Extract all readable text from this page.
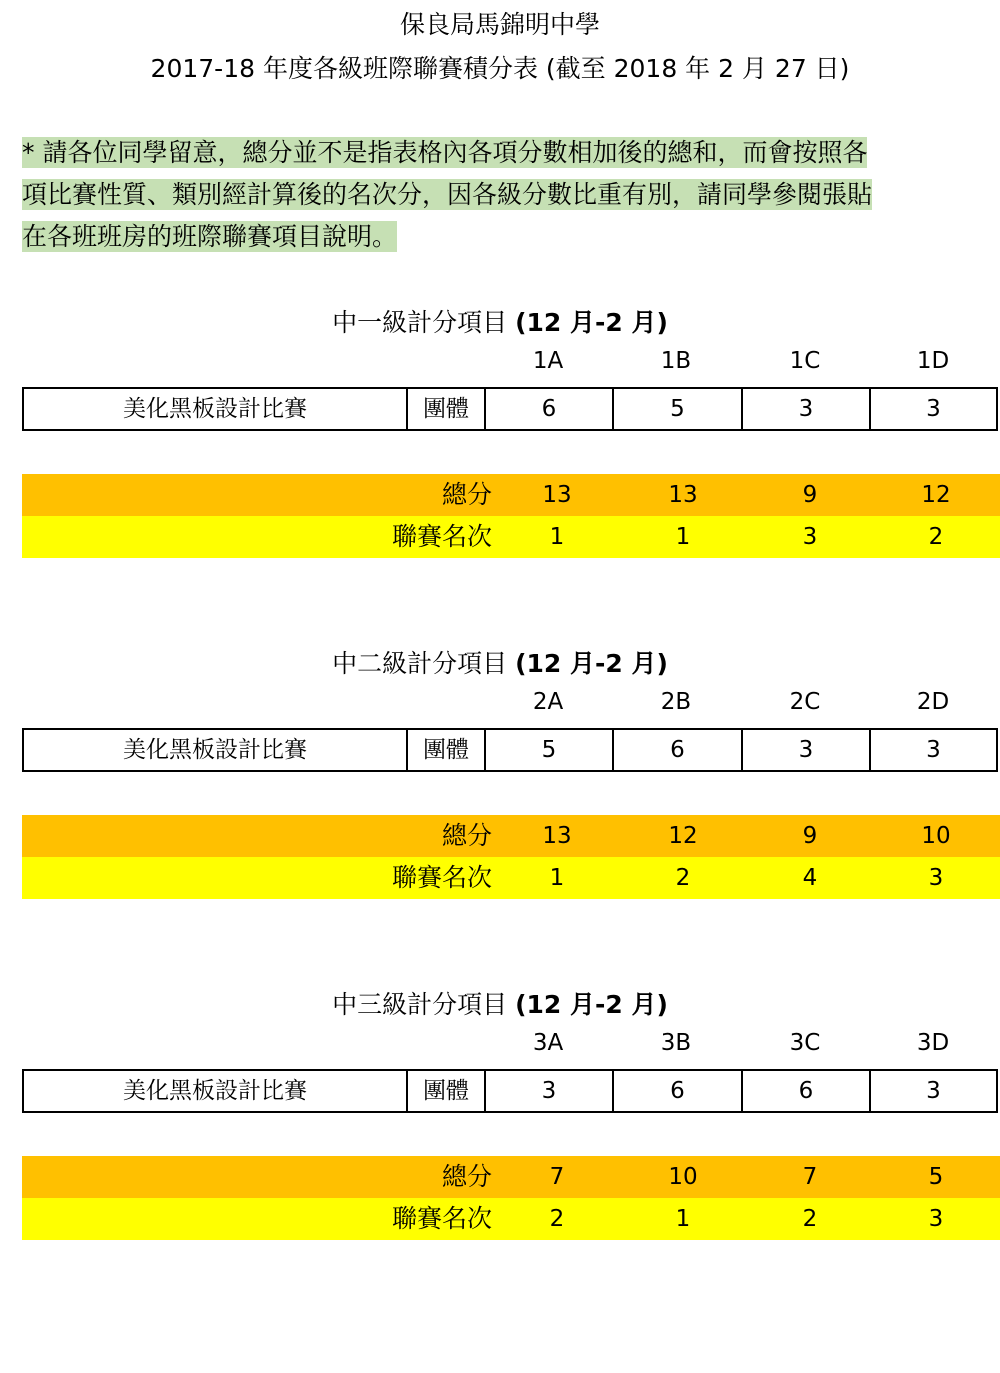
保良局馬錦明中學
2017-18 年度各級班際聯賽積分表 (截至 2018 年 2 月 27 日)
* 請各位同學留意，總分並不是指表格內各項分數相加後的總和，而會按照各
項比賽性質、類別經計算後的名次分，因各級分數比重有別，請同學參閱張貼
在各班班房的班際聯賽項目說明。
中一級計分項目 (12 月-2 月)
1A	1B	1C	1D
美化黑板設計比賽	團體	6	5	3	3
總分	13	13	9	12
聯賽名次	1	1	3	2
中二級計分項目 (12 月-2 月)
2A	2B	2C	2D
美化黑板設計比賽	團體	5	6	3	3
總分	13	12	9	10
聯賽名次	1	2	4	3
中三級計分項目 (12 月-2 月)
3A	3B	3C	3D
美化黑板設計比賽	團體	3	6	6	3
總分	7	10	7	5
聯賽名次	2	1	2	3
